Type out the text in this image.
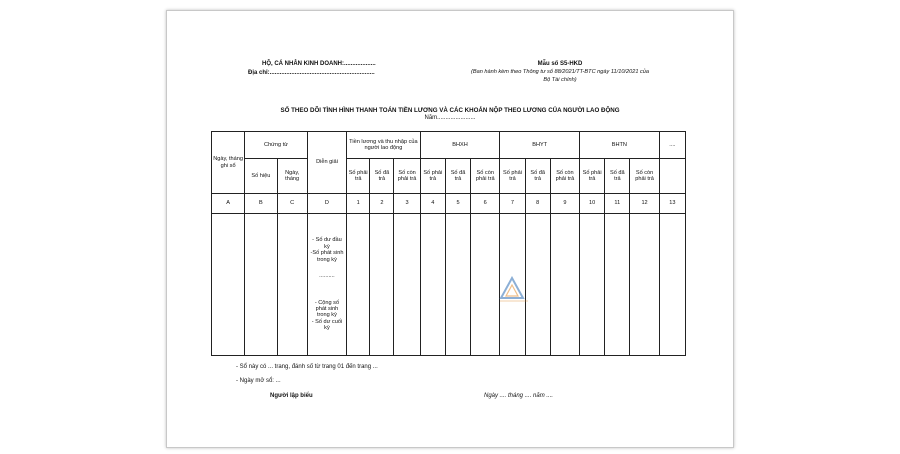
HỘ, CÁ NHÂN KINH DOANH:...................
Địa chỉ:...............................................................
Mẫu số S5-HKD
(Ban hành kèm theo Thông tư số 88/2021/TT-BTC ngày 11/10/2021 của
Bộ Tài chính)
SỔ THEO DÕI TÌNH HÌNH THANH TOÁN TIỀN LƯƠNG VÀ CÁC KHOẢN NỘP THEO LƯƠNG CỦA NGƯỜI LAO ĐỘNG
Năm.......................
Ngày, tháng ghi sổ	Chứng từ		Diễn giải	Tiền lương và thu nhập của người lao động			BHXH			BHYT			BHTN			....
	Số hiệu	Ngày, tháng		Số phải trả	Số đã trả	Số còn phải trả	Số phải trả	Số đã trả	Số còn phải trả	Số phải trả	Số đã trả	Số còn phải trả	Số phải trả	Số đã trả	Số còn phải trả	
A	B	C	D	1	2	3	4	5	6	7	8	9	10	11	12	13

			- Số dư đầu kỳ
-Số phát sinh trong kỳ
..........
- Cộng số phát sinh trong kỳ
- Số dư cuối kỳ													

- Sổ này có ... trang, đánh số từ trang 01 đến trang ...
- Ngày mở sổ: ...
Người lập biểu	Ngày .... tháng .... năm ....
